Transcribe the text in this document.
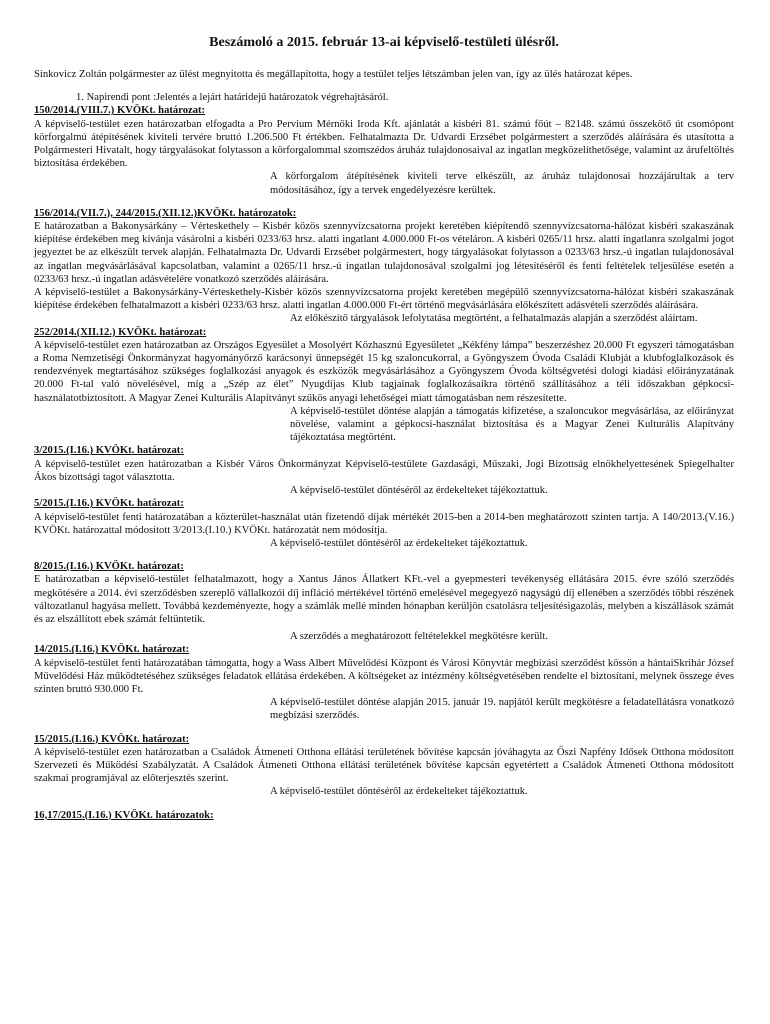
Beszámoló a 2015. február 13-ai képviselő-testületi ülésről.
Sinkovicz Zoltán polgármester az ülést megnyitotta és megállapította, hogy a testület teljes létszámban jelen van, így az ülés határozat képes.
1. Napirendi pont :Jelentés a lejárt határidejű határozatok végrehajtásáról.
150/2014.(VIII.7.) KVÖKt. határozat:
A képviselő-testület ezen határozatban elfogadta a Pro Pervium Mérnöki Iroda Kft. ajánlatát a kisbéri 81. számú főút – 82148. számú összekötő út csomópont körforgalmú átépítésének kiviteli tervére bruttó 1.206.500 Ft értékben. Felhatalmazta Dr. Udvardi Erzsébet polgármestert a szerződés aláírására és utasította a Polgármesteri Hivatalt, hogy tárgyalásokat folytasson a körforgalommal szomszédos áruház tulajdonosaival az ingatlan megközelíthetősége, valamint az árufeltöltés biztosítása érdekében.
A körforgalom átépítésének kiviteli terve elkészült, az áruház tulajdonosai hozzájárultak a terv módosításához, így a tervek engedélyezésre kerültek.
156/2014.(VII.7.), 244/2015.(XII.12.)KVÖKt. határozatok:
E határozatban a Bakonysárkány – Vérteskethely – Kisbér közös szennyvízcsatorna projekt keretében kiépítendő szennyvízcsatorna-hálózat kisbéri szakaszának kiépítése érdekében meg kívánja vásárolni a kisbéri 0233/63 hrsz. alatti ingatlant 4.000.000 Ft-os vételáron. A kisbéri 0265/11 hrsz. alatti ingatlanra szolgalmi jogot jegyeztet be az elkészült tervek alapján. Felhatalmazta Dr. Udvardi Erzsébet polgármestert, hogy tárgyalásokat folytasson a 0233/63 hrsz.-ú ingatlan tulajdonosával az ingatlan megvásárlásával kapcsolatban, valamint a 0265/11 hrsz.-ú ingatlan tulajdonosával szolgalmi jog létesítéséről és fenti feltételek teljesülése esetén a 0233/63 hrsz.-ú ingatlan adásvételére vonatkozó szerződés aláírására.
A képviselő-testület a Bakonysárkány-Vérteskethely-Kisbér közös szennyvízcsatorna projekt keretében megépülő szennyvízcsatorna-hálózat kisbéri szakaszának kiépítése érdekében felhatalmazott a kisbéri 0233/63 hrsz. alatti ingatlan 4.000.000 Ft-ért történő megvásárlására előkészített adásvételi szerződés aláírására.
Az előkészítő tárgyalások lefolytatása megtörtént, a felhatalmazás alapján a szerződést aláírtam.
252/2014.(XII.12.) KVÖKt. határozat:
A képviselő-testület ezen határozatban az Országos Egyesület a Mosolyért Közhasznú Egyesületet „Kékfény lámpa” beszerzéshez 20.000 Ft egyszeri támogatásban a Roma Nemzetiségi Önkormányzat hagyományőrző karácsonyi ünnepségét 15 kg szaloncukorral, a Gyöngyszem Óvoda Családi Klubját a klubfoglalkozások és rendezvények megtartásához szükséges foglalkozási anyagok és eszközök megvásárlásához a Gyöngyszem Óvoda költségvetési dologi kiadási előirányzatának 20.000 Ft-tal való növelésével, míg a „Szép az élet” Nyugdíjas Klub tagjainak foglalkozásaikra történő szállításához a téli időszakban gépkocsi-használatotbiztosított. A Magyar Zenei Kulturális Alapítványt szűkös anyagi lehetőségei miatt támogatásban nem részesítette.
A képviselő-testület döntése alapján a támogatás kifizetése, a szaloncukor megvásárlása, az előirányzat növelése, valamint a gépkocsi-használat biztosítása és a Magyar Zenei Kulturális Alapítvány tájékoztatása megtörtént.
3/2015.(I.16.) KVÖKt. határozat:
A képviselő-testület ezen határozatban a Kisbér Város Önkormányzat Képviselő-testülete Gazdasági, Műszaki, Jogi Bizottság elnökhelyettesének Spiegelhalter Ákos bizottsági tagot választotta.
A képviselő-testület döntéséről az érdekelteket tájékoztattuk.
5/2015.(I.16.) KVÖKt. határozat:
A képviselő-testület fenti határozatában a közterület-használat után fizetendő díjak mértékét 2015-ben a 2014-ben meghatározott szinten tartja. A 140/2013.(V.16.) KVÖKt. határozattal módosított 3/2013.(I.10.) KVÖKt. határozatát nem módosítja.
A képviselő-testület döntéséről az érdekelteket tájékoztattuk.
8/2015.(I.16.) KVÖKt. határozat:
E határozatban a képviselő-testület felhatalmazott, hogy a Xantus János Állatkert KFt.-vel a gyepmesteri tevékenység ellátására 2015. évre szóló szerződés megkötésére a 2014. évi szerződésben szereplő vállalkozói díj infláció mértékével történő emelésével megegyező nagyságú díj ellenében a szerződés többi részének változatlanul hagyása mellett. Továbbá kezdeményezte, hogy a számlák mellé minden hónapban kerüljön csatolásra teljesítésigazolás, melyben a kiszállások számát és az elszállított ebek számát feltüntetik.
A szerződés a meghatározott feltételekkel megkötésre került.
14/2015.(I.16.) KVÖKt. határozat:
A képviselő-testület fenti határozatában támogatta, hogy a Wass Albert Művelődési Központ és Városi Könyvtár megbízási szerződést kössön a hántaiSkrihár József Művelődési Ház működtetéséhez szükséges feladatok ellátása érdekében. A költségeket az intézmény költségvetésében rendelte el biztosítani, melynek összege éves szinten bruttó 930.000 Ft.
A képviselő-testület döntése alapján 2015. január 19. napjától került megkötésre a feladatellátásra vonatkozó megbízási szerződés.
15/2015.(I.16.) KVÖKt. határozat:
A képviselő-testület ezen határozatban a Családok Átmeneti Otthona ellátási területének bővítése kapcsán jóváhagyta az Őszi Napfény Idősek Otthona módosított Szervezeti és Működési Szabályzatát. A Családok Átmeneti Otthona ellátási területének bővítése kapcsán egyetértett a Családok Átmeneti Otthona módosított szakmai programjával az előterjesztés szerint.
A képviselő-testület döntéséről az érdekelteket tájékoztattuk.
16,17/2015.(I.16.) KVÖKt. határozatok:
